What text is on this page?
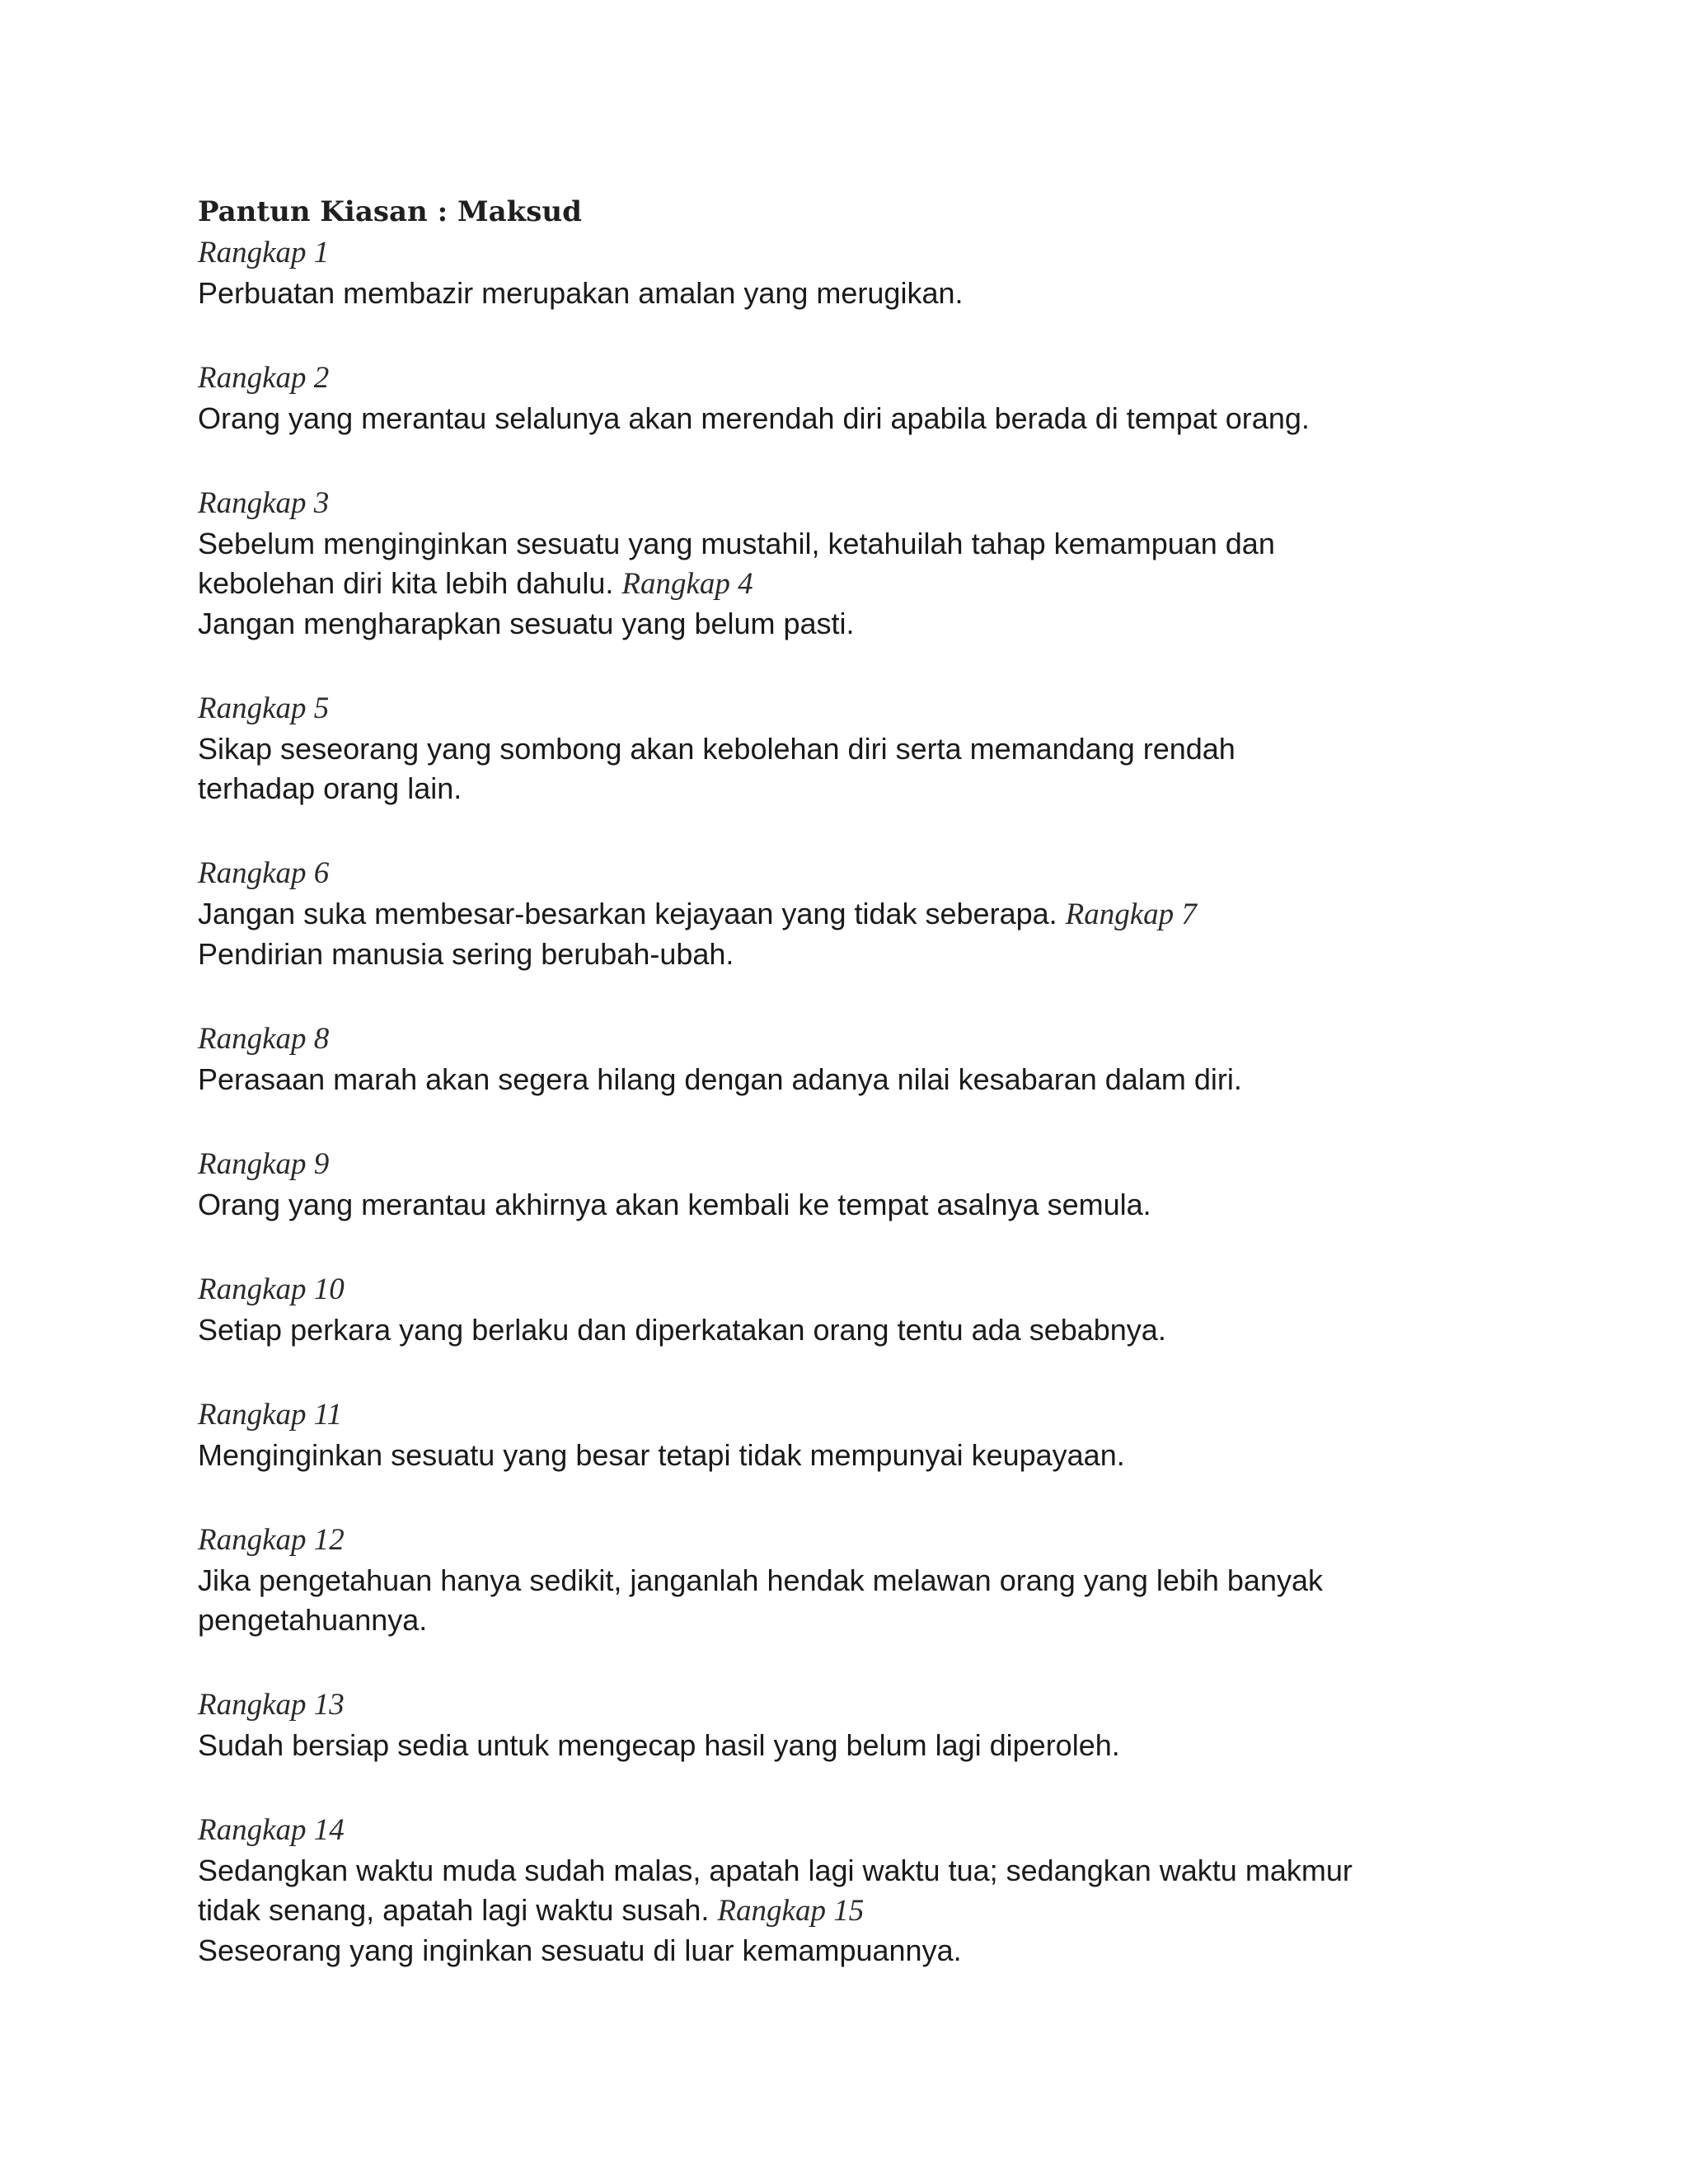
Pantun Kiasan : Maksud
Rangkap 1
Perbuatan membazir merupakan amalan yang merugikan.
Rangkap 2
Orang yang merantau selalunya akan merendah diri apabila berada di tempat orang.
Rangkap 3
Sebelum menginginkan sesuatu yang mustahil, ketahuilah tahap kemampuan dan
kebolehan diri kita lebih dahulu. Rangkap 4
Jangan mengharapkan sesuatu yang belum pasti.
Rangkap 5
Sikap seseorang yang sombong akan kebolehan diri serta memandang rendah
terhadap orang lain.
Rangkap 6
Jangan suka membesar-besarkan kejayaan yang tidak seberapa. Rangkap 7
Pendirian manusia sering berubah-ubah.
Rangkap 8
Perasaan marah akan segera hilang dengan adanya nilai kesabaran dalam diri.
Rangkap 9
Orang yang merantau akhirnya akan kembali ke tempat asalnya semula.
Rangkap 10
Setiap perkara yang berlaku dan diperkatakan orang tentu ada sebabnya.
Rangkap 11
Menginginkan sesuatu yang besar tetapi tidak mempunyai keupayaan.
Rangkap 12
Jika pengetahuan hanya sedikit, janganlah hendak melawan orang yang lebih banyak
pengetahuannya.
Rangkap 13
Sudah bersiap sedia untuk mengecap hasil yang belum lagi diperoleh.
Rangkap 14
Sedangkan waktu muda sudah malas, apatah lagi waktu tua; sedangkan waktu makmur
tidak senang, apatah lagi waktu susah. Rangkap 15
Seseorang yang inginkan sesuatu di luar kemampuannya.
